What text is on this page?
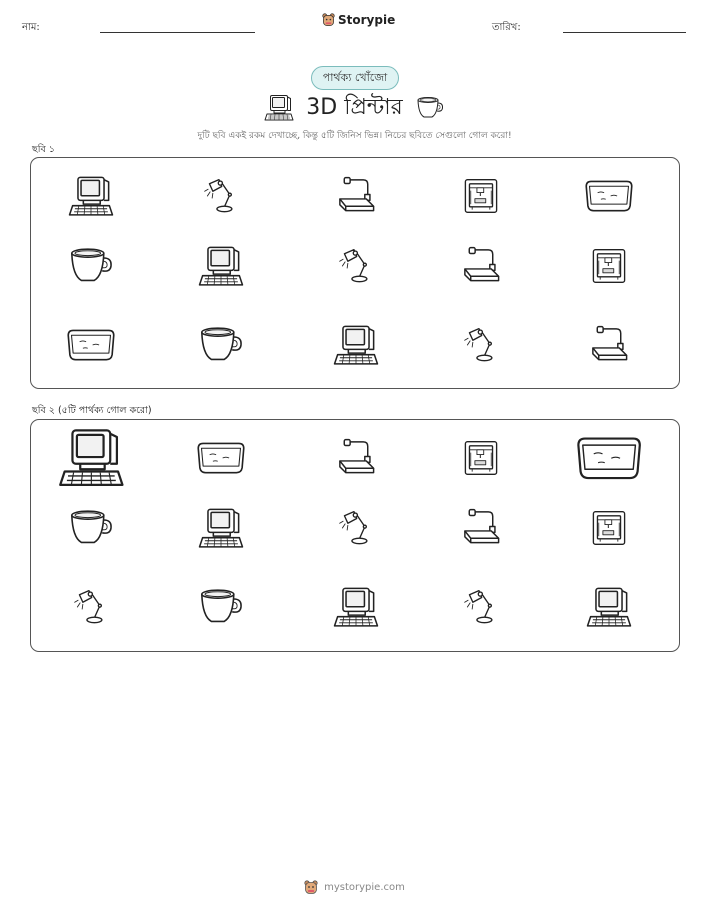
নাম:
Storypie
তারিখ:
পার্থক্য খোঁজো
3D প্রিন্টার
দুটি ছবি একই রকম দেখাচ্ছে, কিন্তু ৫টি জিনিস ভিন্ন। নিচের ছবিতে সেগুলো গোল করো!
ছবি ১
ছবি ২ (৫টি পার্থক্য গোল করো)
mystorypie.com
